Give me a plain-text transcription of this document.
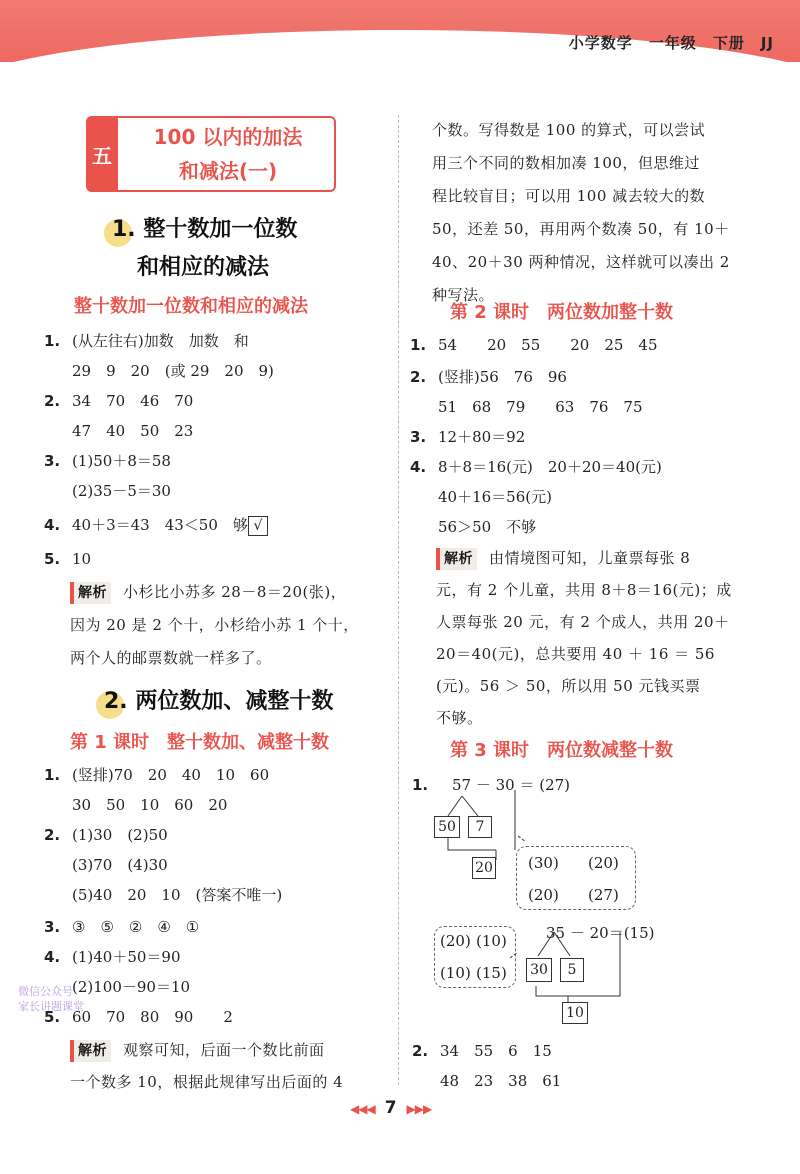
小学数学 一年级 下册 JJ
五
100 以内的加法
和减法(一)
1. 整十数加一位数
和相应的减法
整十数加一位数和相应的减法
1. (从左往右)加数　加数　和
29　9　20　(或 29　20　9)
2. 34　70　46　70
47　40　50　23
3. (1)50＋8＝58
(2)35－5＝30
4. 40＋3＝43　43＜50　够 √
5. 10
解析 小杉比小苏多 28－8＝20(张)，
因为 20 是 2 个十，小杉给小苏 1 个十，
两个人的邮票数就一样多了。
2. 两位数加、减整十数
第 1 课时　整十数加、减整十数
1. (竖排)70　20　40　10　60
30　50　10　60　20
2. (1)30　(2)50
(3)70　(4)30
(5)40　20　10　(答案不唯一)
3. ③　⑤　②　④　①
4. (1)40＋50＝90
(2)100－90＝10
5. 60　70　80　90　　2
解析 观察可知，后面一个数比前面
一个数多 10，根据此规律写出后面的 4
个数。写得数是 100 的算式，可以尝试
用三个不同的数相加凑 100，但思维过
程比较盲目；可以用 100 减去较大的数
50，还差 50，再用两个数凑 50，有 10＋
40、20＋30 两种情况，这样就可以凑出 2
种写法。
第 2 课时　两位数加整十数
1. 54　　20　55　　20　25　45
2. (竖排)56　76　96
51　68　79　　63　76　75
3. 12＋80＝92
4. 8＋8＝16(元)　20＋20＝40(元)
40＋16＝56(元)
56＞50　不够
解析 由情境图可知，儿童票每张 8
元，有 2 个儿童，共用 8＋8＝16(元)；成
人票每张 20 元，有 2 个成人，共用 20＋
20＝40(元)，总共要用 40 ＋ 16 ＝ 56
(元)。56 ＞ 50，所以用 50 元钱买票
不够。
第 3 课时　两位数减整十数
1. 57 － 30 ＝ (27)
50	7
20 (30) (20)
(20) (27)
35 － 20＝(15)
(20) (10)
(10) (15) 30	5
10
2. 34　55　6　15
48　23　38　61
微信公众号
家长讲题课堂
◀◀◀ 7 ▶▶▶
